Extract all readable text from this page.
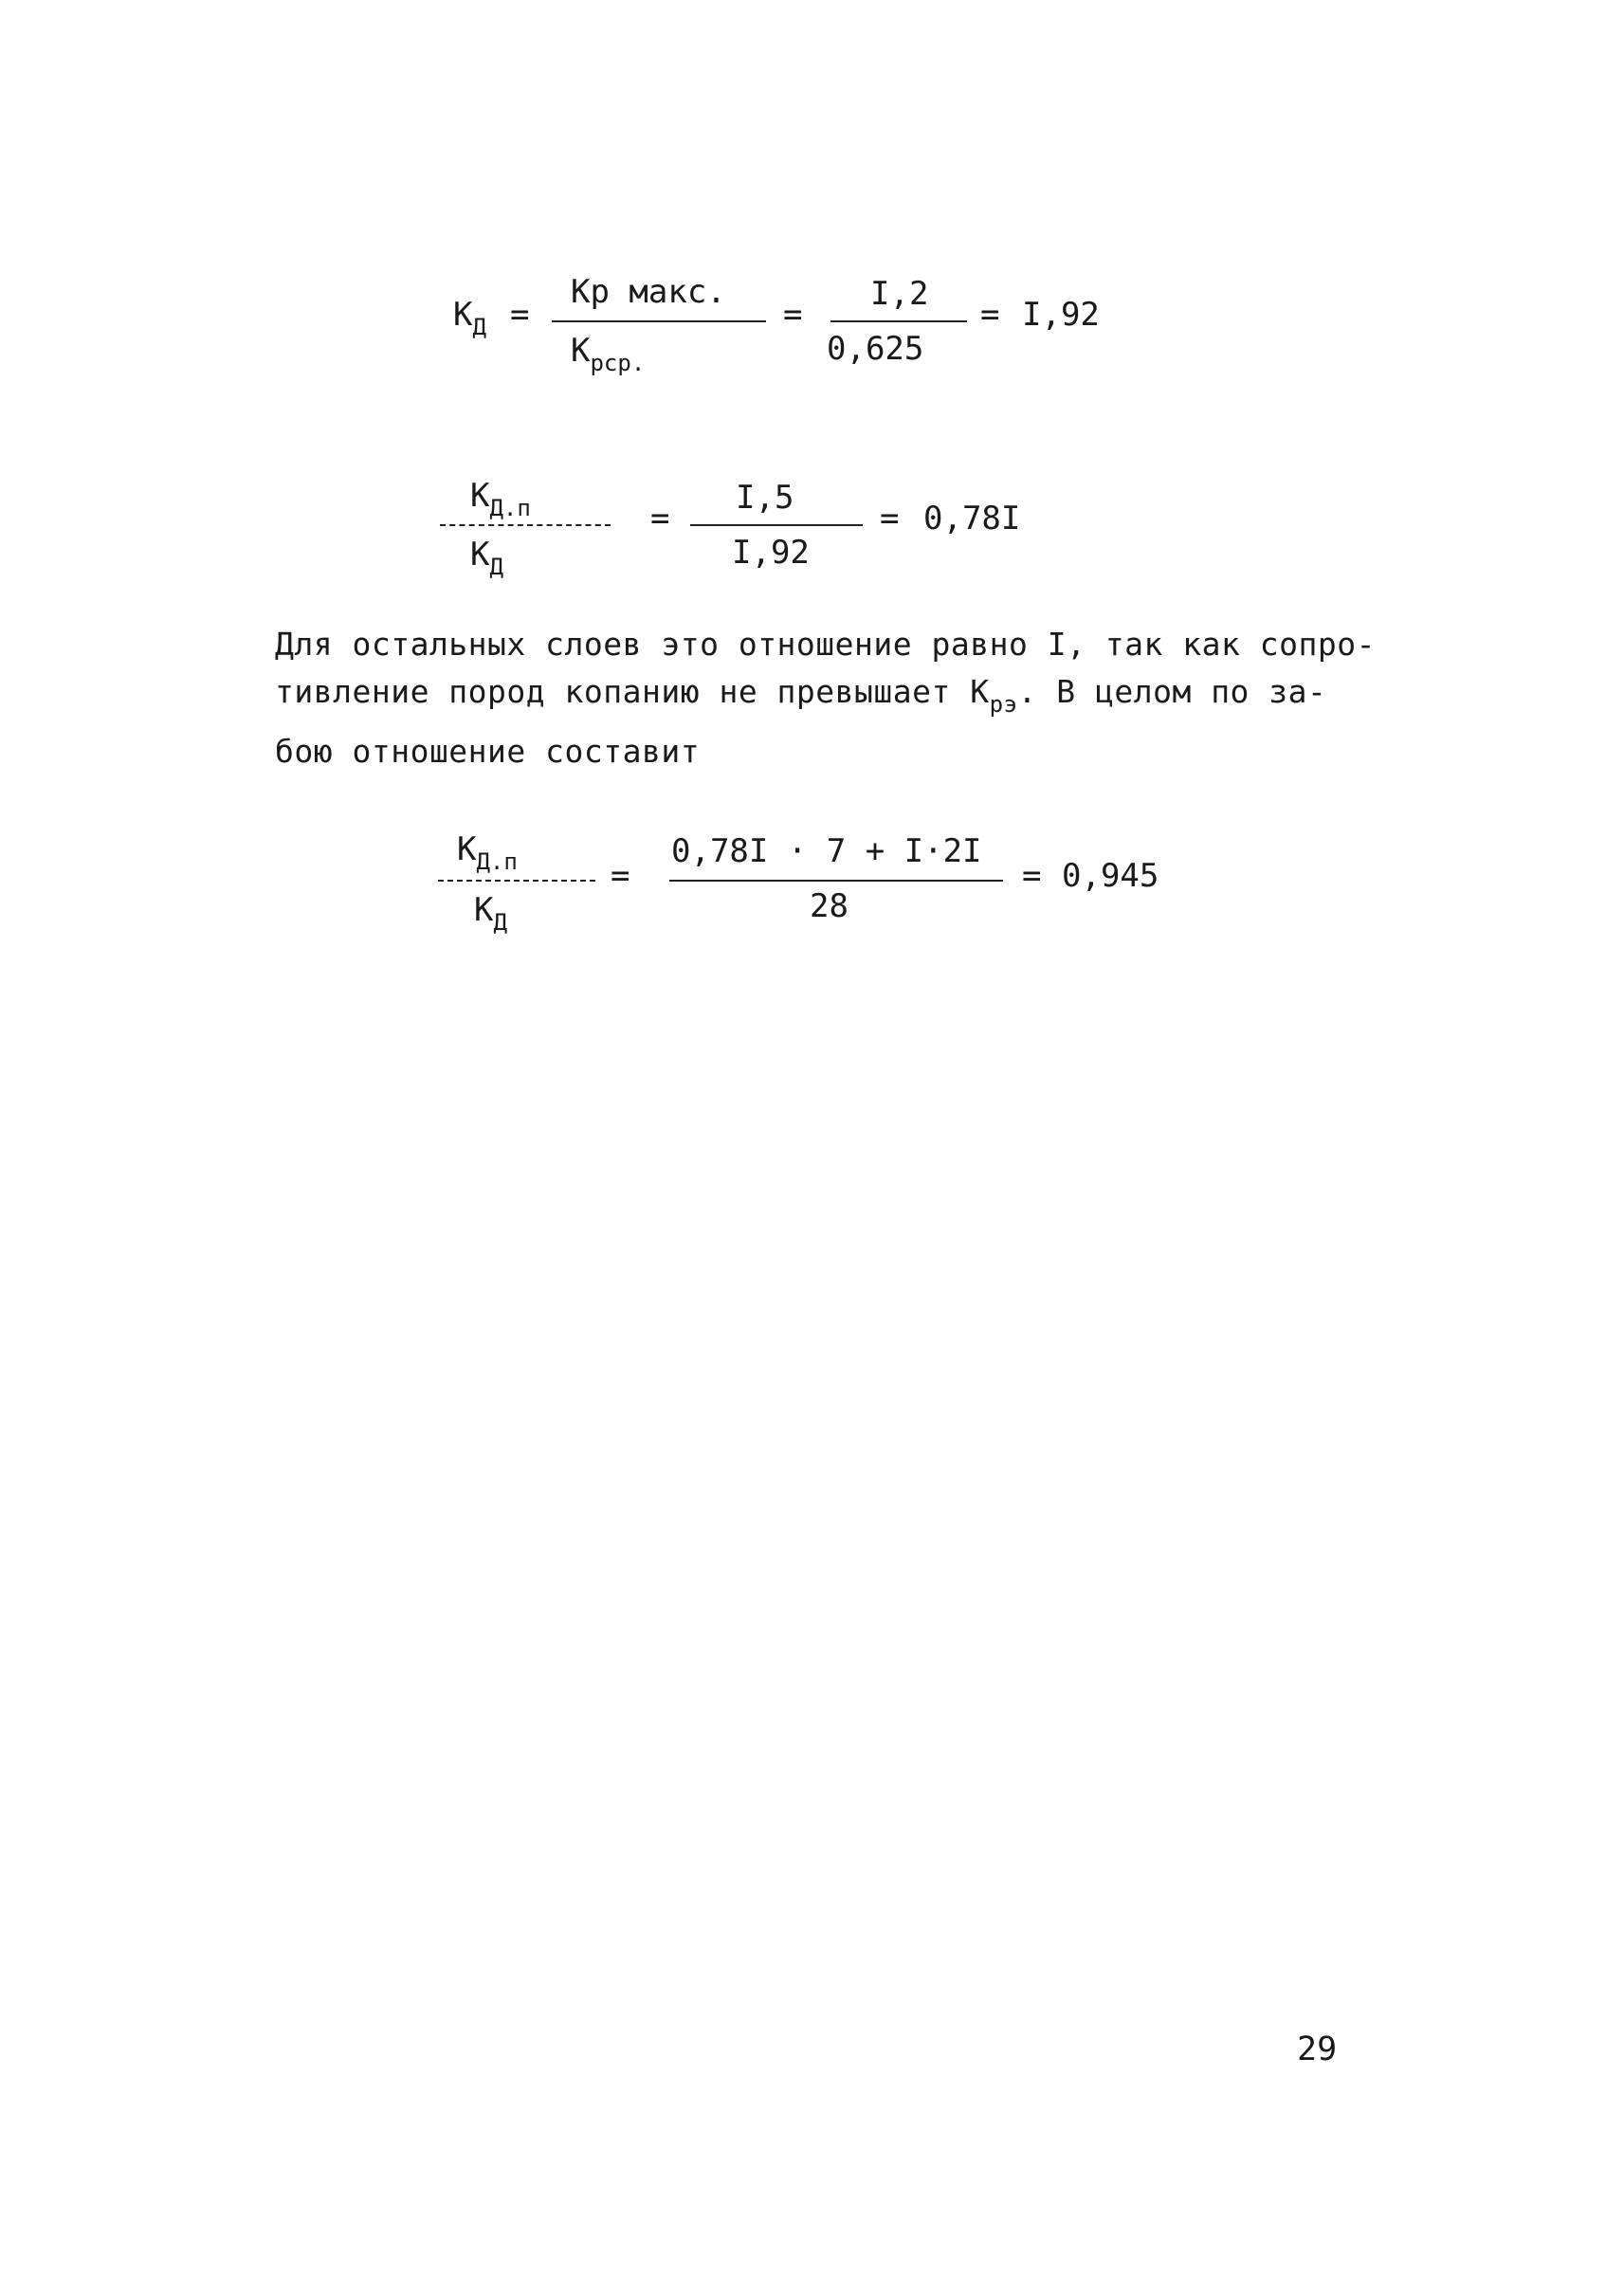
$K_Д$ =
Kр макс.
$K_{рср.}$
=
I,2
0,625
= I,92
$K_{Д.п}$
$K_Д$
=
I,5
I,92
= 0,78I

Для остальных слоев это отношение равно I, так как сопро-

тивление пород копанию не превышает $K_{рэ}$. В целом по за-

бою отношение составит

$K_{Д.п}$
$K_Д$
=
0,78I · 7 + I·2I
28
= 0,945
29
